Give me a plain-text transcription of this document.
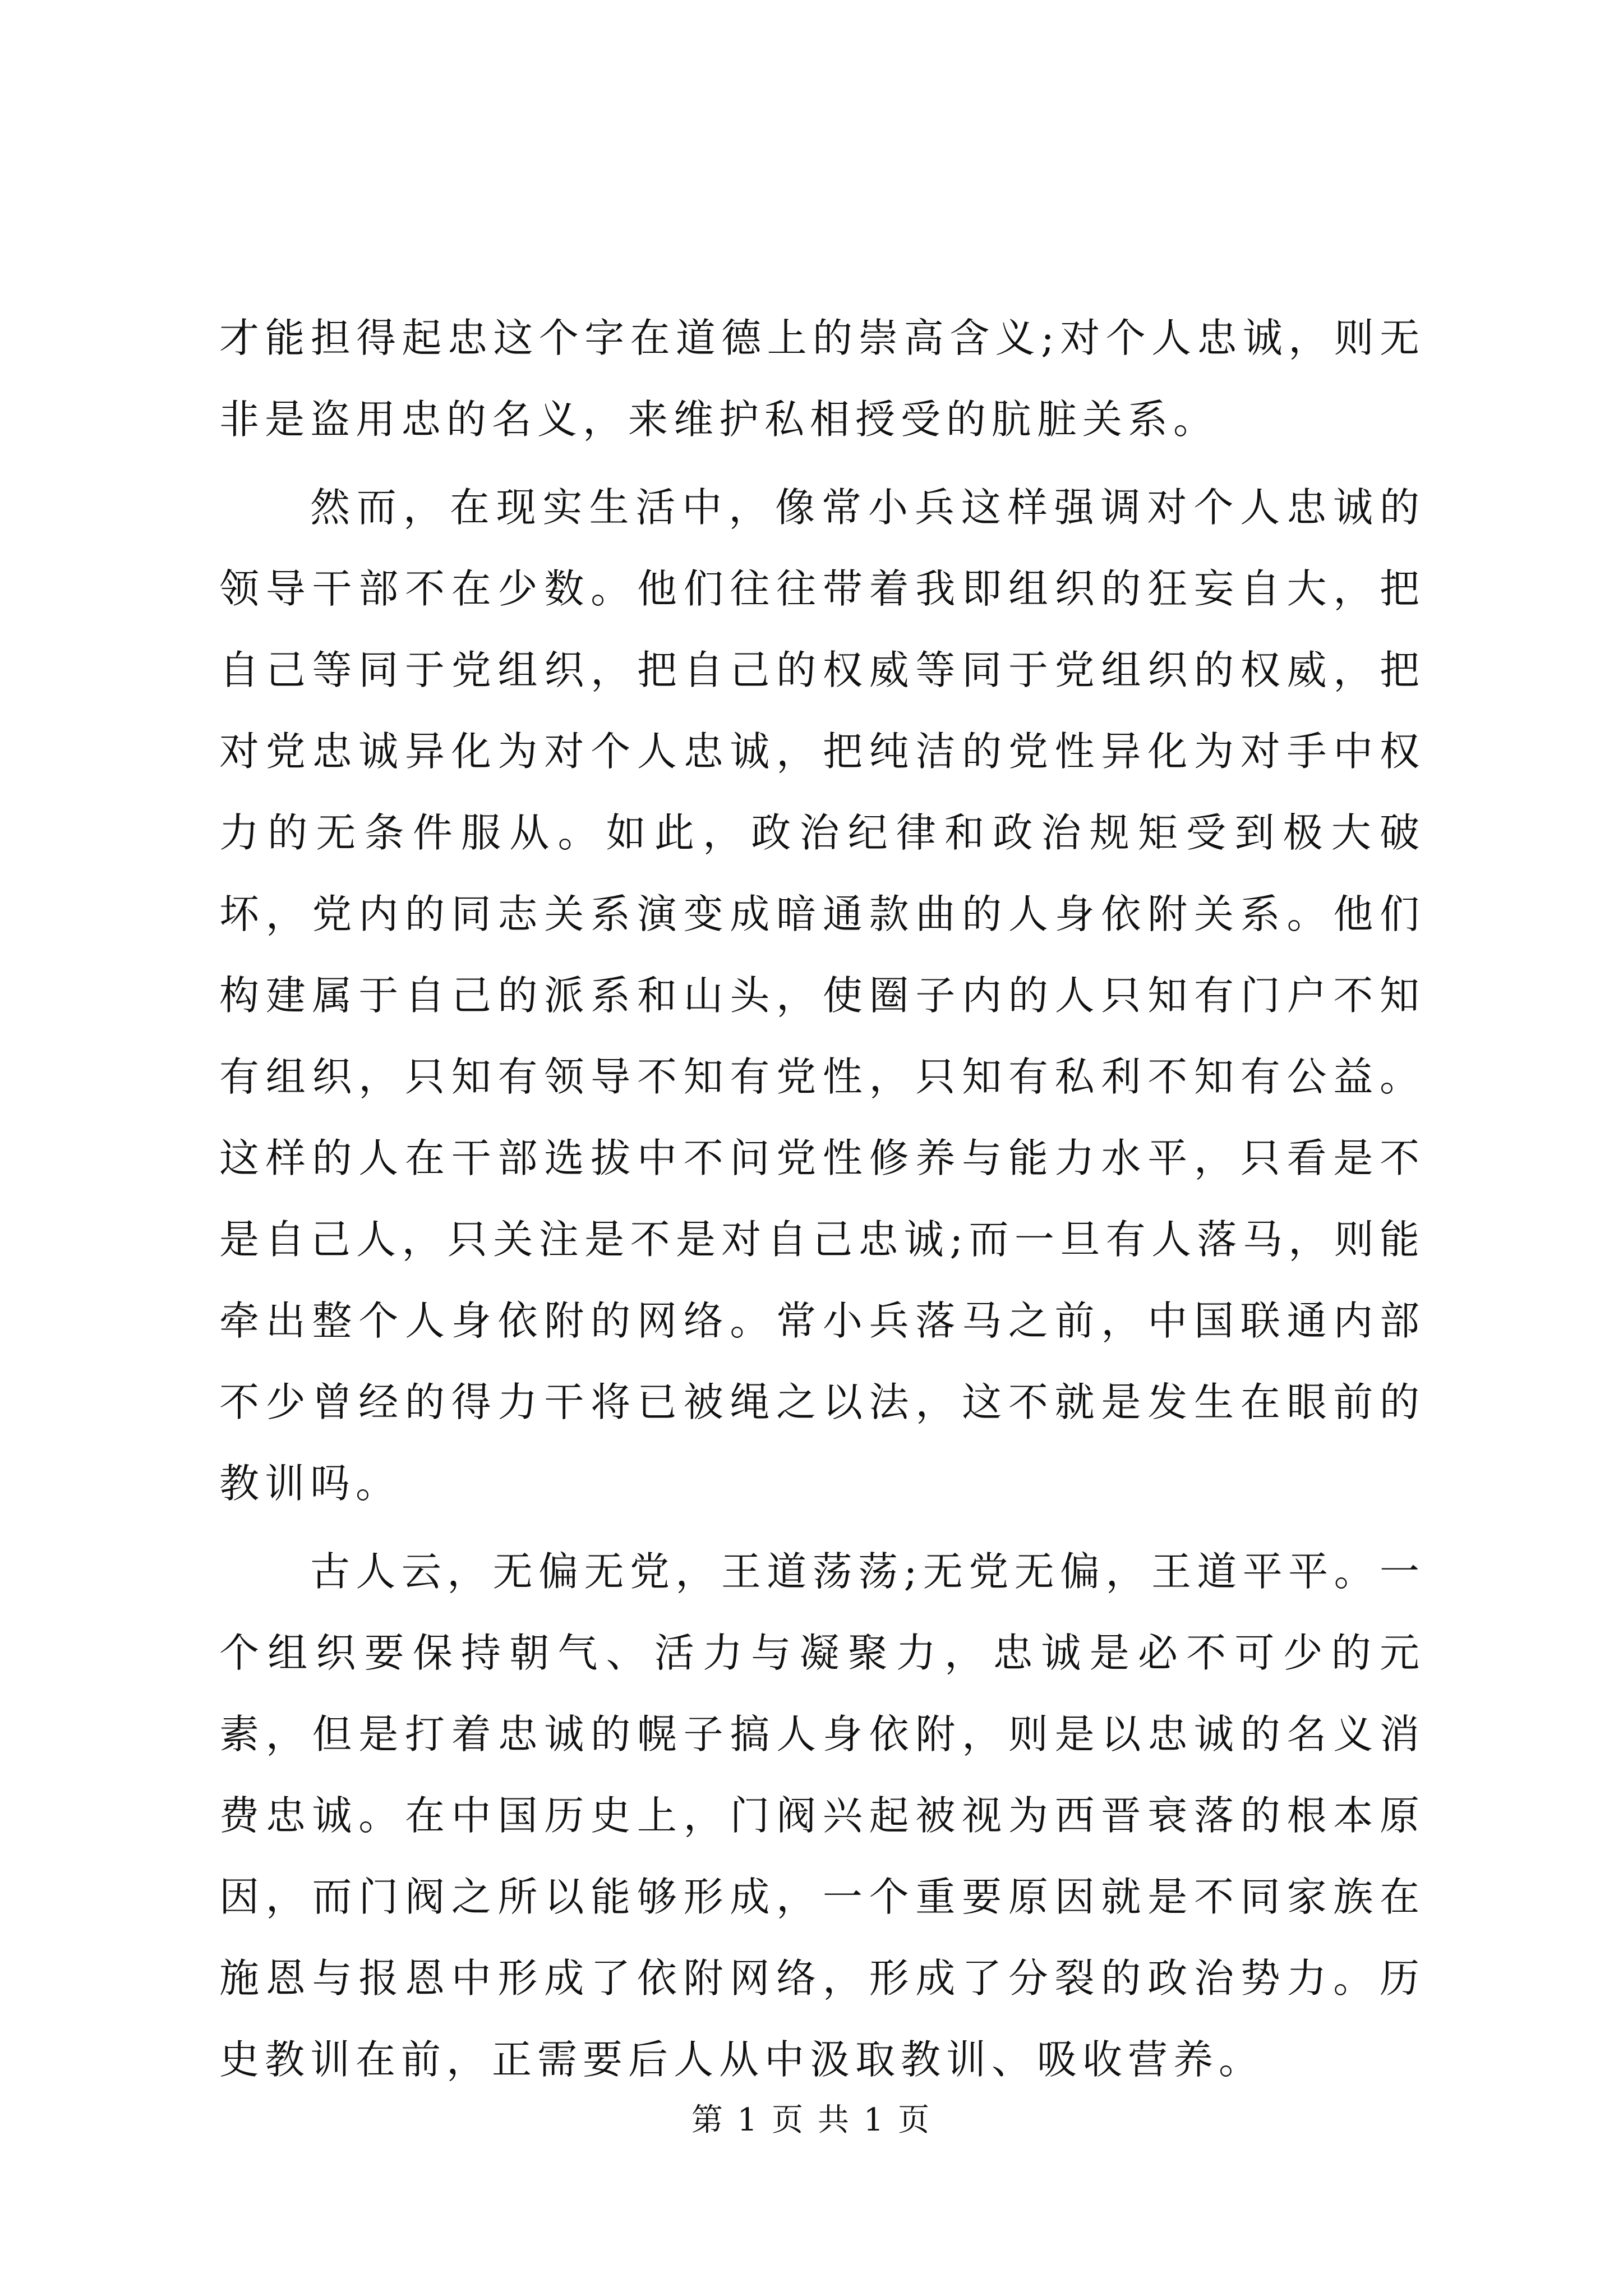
才能担得起忠这个字在道德上的崇高含义;对个人忠诚，则无非是盗用忠的名义，来维护私相授受的肮脏关系。

然而，在现实生活中，像常小兵这样强调对个人忠诚的领导干部不在少数。他们往往带着我即组织的狂妄自大，把自己等同于党组织，把自己的权威等同于党组织的权威，把对党忠诚异化为对个人忠诚，把纯洁的党性异化为对手中权力的无条件服从。如此，政治纪律和政治规矩受到极大破坏，党内的同志关系演变成暗通款曲的人身依附关系。他们构建属于自己的派系和山头，使圈子内的人只知有门户不知有组织，只知有领导不知有党性，只知有私利不知有公益。这样的人在干部选拔中不问党性修养与能力水平，只看是不是自己人，只关注是不是对自己忠诚;而一旦有人落马，则能牵出整个人身依附的网络。常小兵落马之前，中国联通内部不少曾经的得力干将已被绳之以法，这不就是发生在眼前的教训吗。

古人云，无偏无党，王道荡荡;无党无偏，王道平平。一个组织要保持朝气、活力与凝聚力，忠诚是必不可少的元素，但是打着忠诚的幌子搞人身依附，则是以忠诚的名义消费忠诚。在中国历史上，门阀兴起被视为西晋衰落的根本原因，而门阀之所以能够形成，一个重要原因就是不同家族在施恩与报恩中形成了依附网络，形成了分裂的政治势力。历史教训在前，正需要后人从中汲取教训、吸收营养。

第 1 页 共 1 页
